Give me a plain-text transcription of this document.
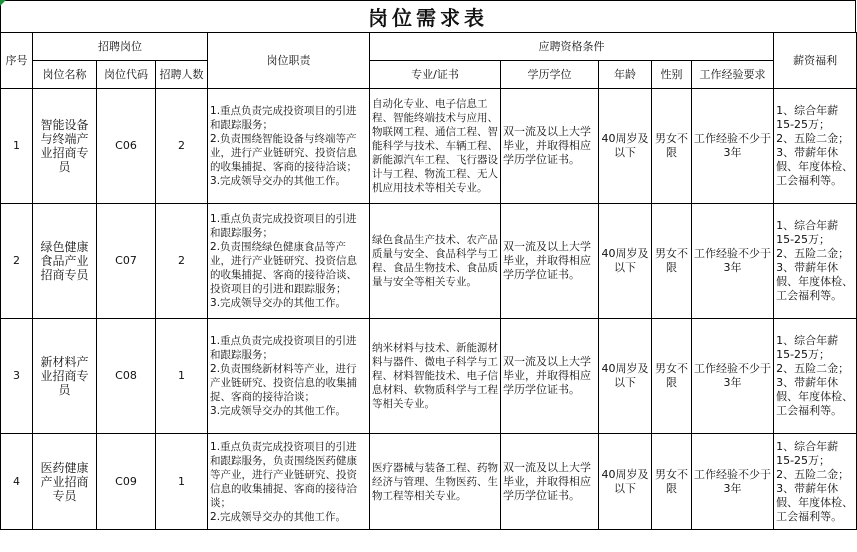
岗位需求表
序号	招聘岗位			岗位职责	应聘资格条件					薪资福利
	岗位名称	岗位代码	招聘人数		专业/证书	学历学位	年龄	性别	工作经验要求	
1	智能设备与终端产业招商专员	C06	2	1.重点负责完成投资项目的引进和跟踪服务；
2.负责围绕智能设备与终端等产业，进行产业链研究、投资信息的收集捕捉、客商的接待洽谈；
3.完成领导交办的其他工作。	自动化专业、电子信息工程、智能终端技术与应用、物联网工程、通信工程、智能科学与技术、车辆工程、新能源汽车工程、飞行器设计与工程、物流工程、无人机应用技术等相关专业。	双一流及以上大学毕业，并取得相应学历学位证书。	40周岁及以下	男女不限	工作经验不少于3年	1、综合年薪15-25万；
2、五险二金；
3、带薪年休假、年度体检、工会福利等。
2	绿色健康食品产业招商专员	C07	2	1.重点负责完成投资项目的引进和跟踪服务；
2.负责围绕绿色健康食品等产业，进行产业链研究、投资信息的收集捕捉、客商的接待洽谈、投资项目的引进和跟踪服务；
3.完成领导交办的其他工作。	绿色食品生产技术、农产品质量与安全、食品科学与工程、食品生物技术、食品质量与安全等相关专业。	双一流及以上大学毕业，并取得相应学历学位证书。	40周岁及以下	男女不限	工作经验不少于3年	1、综合年薪15-25万；
2、五险二金；
3、带薪年休假、年度体检、工会福利等。
3	新材料产业招商专员	C08	1	1.重点负责完成投资项目的引进和跟踪服务；
2.负责围绕新材料等产业，进行产业链研究、投资信息的收集捕捉、客商的接待洽谈；
3.完成领导交办的其他工作。	纳米材料与技术、新能源材料与器件、微电子科学与工程、材料智能技术、电子信息材料、软物质科学与工程等相关专业。	双一流及以上大学毕业，并取得相应学历学位证书。	40周岁及以下	男女不限	工作经验不少于3年	1、综合年薪15-25万；
2、五险二金；
3、带薪年休假、年度体检、工会福利等。
4	医药健康产业招商专员	C09	1	1.重点负责完成投资项目的引进和跟踪服务，负责围绕医药健康等产业，进行产业链研究、投资信息的收集捕捉、客商的接待洽谈；
2.完成领导交办的其他工作。	医疗器械与装备工程、药物经济与管理、生物医药、生物工程等相关专业。	双一流及以上大学毕业，并取得相应学历学位证书。	40周岁及以下	男女不限	工作经验不少于3年	1、综合年薪15-25万；
2、五险二金；
3、带薪年休假、年度体检、工会福利等。
